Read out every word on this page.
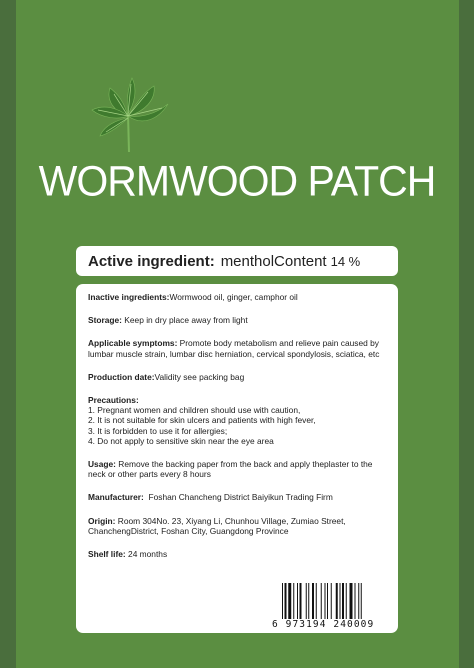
WORMWOOD PATCH
Active ingredient: mentholContent 14 %
Inactive ingredients:Wormwood oil, ginger, camphor oil
Storage: Keep in dry place away from light
Applicable symptoms: Promote body metabolism and relieve pain caused by lumbar muscle strain, lumbar disc herniation, cervical spondylosis, sciatica, etc
Production date:Validity see packing bag
Precautions:
1. Pregnant women and children should use with caution,
2. It is not suitable for skin ulcers and patients with high fever,
3. It is forbidden to use it for allergies;
4. Do not apply to sensitive skin near the eye area
Usage: Remove the backing paper from the back and apply theplaster to the neck or other parts every 8 hours
Manufacturer:  Foshan Chancheng District Baiyikun Trading Firm
Origin: Room 304No. 23, Xiyang Li, Chunhou Village, Zumiao Street, ChanchengDistrict, Foshan City, Guangdong Province
Shelf life: 24 months
6 973194 240009
